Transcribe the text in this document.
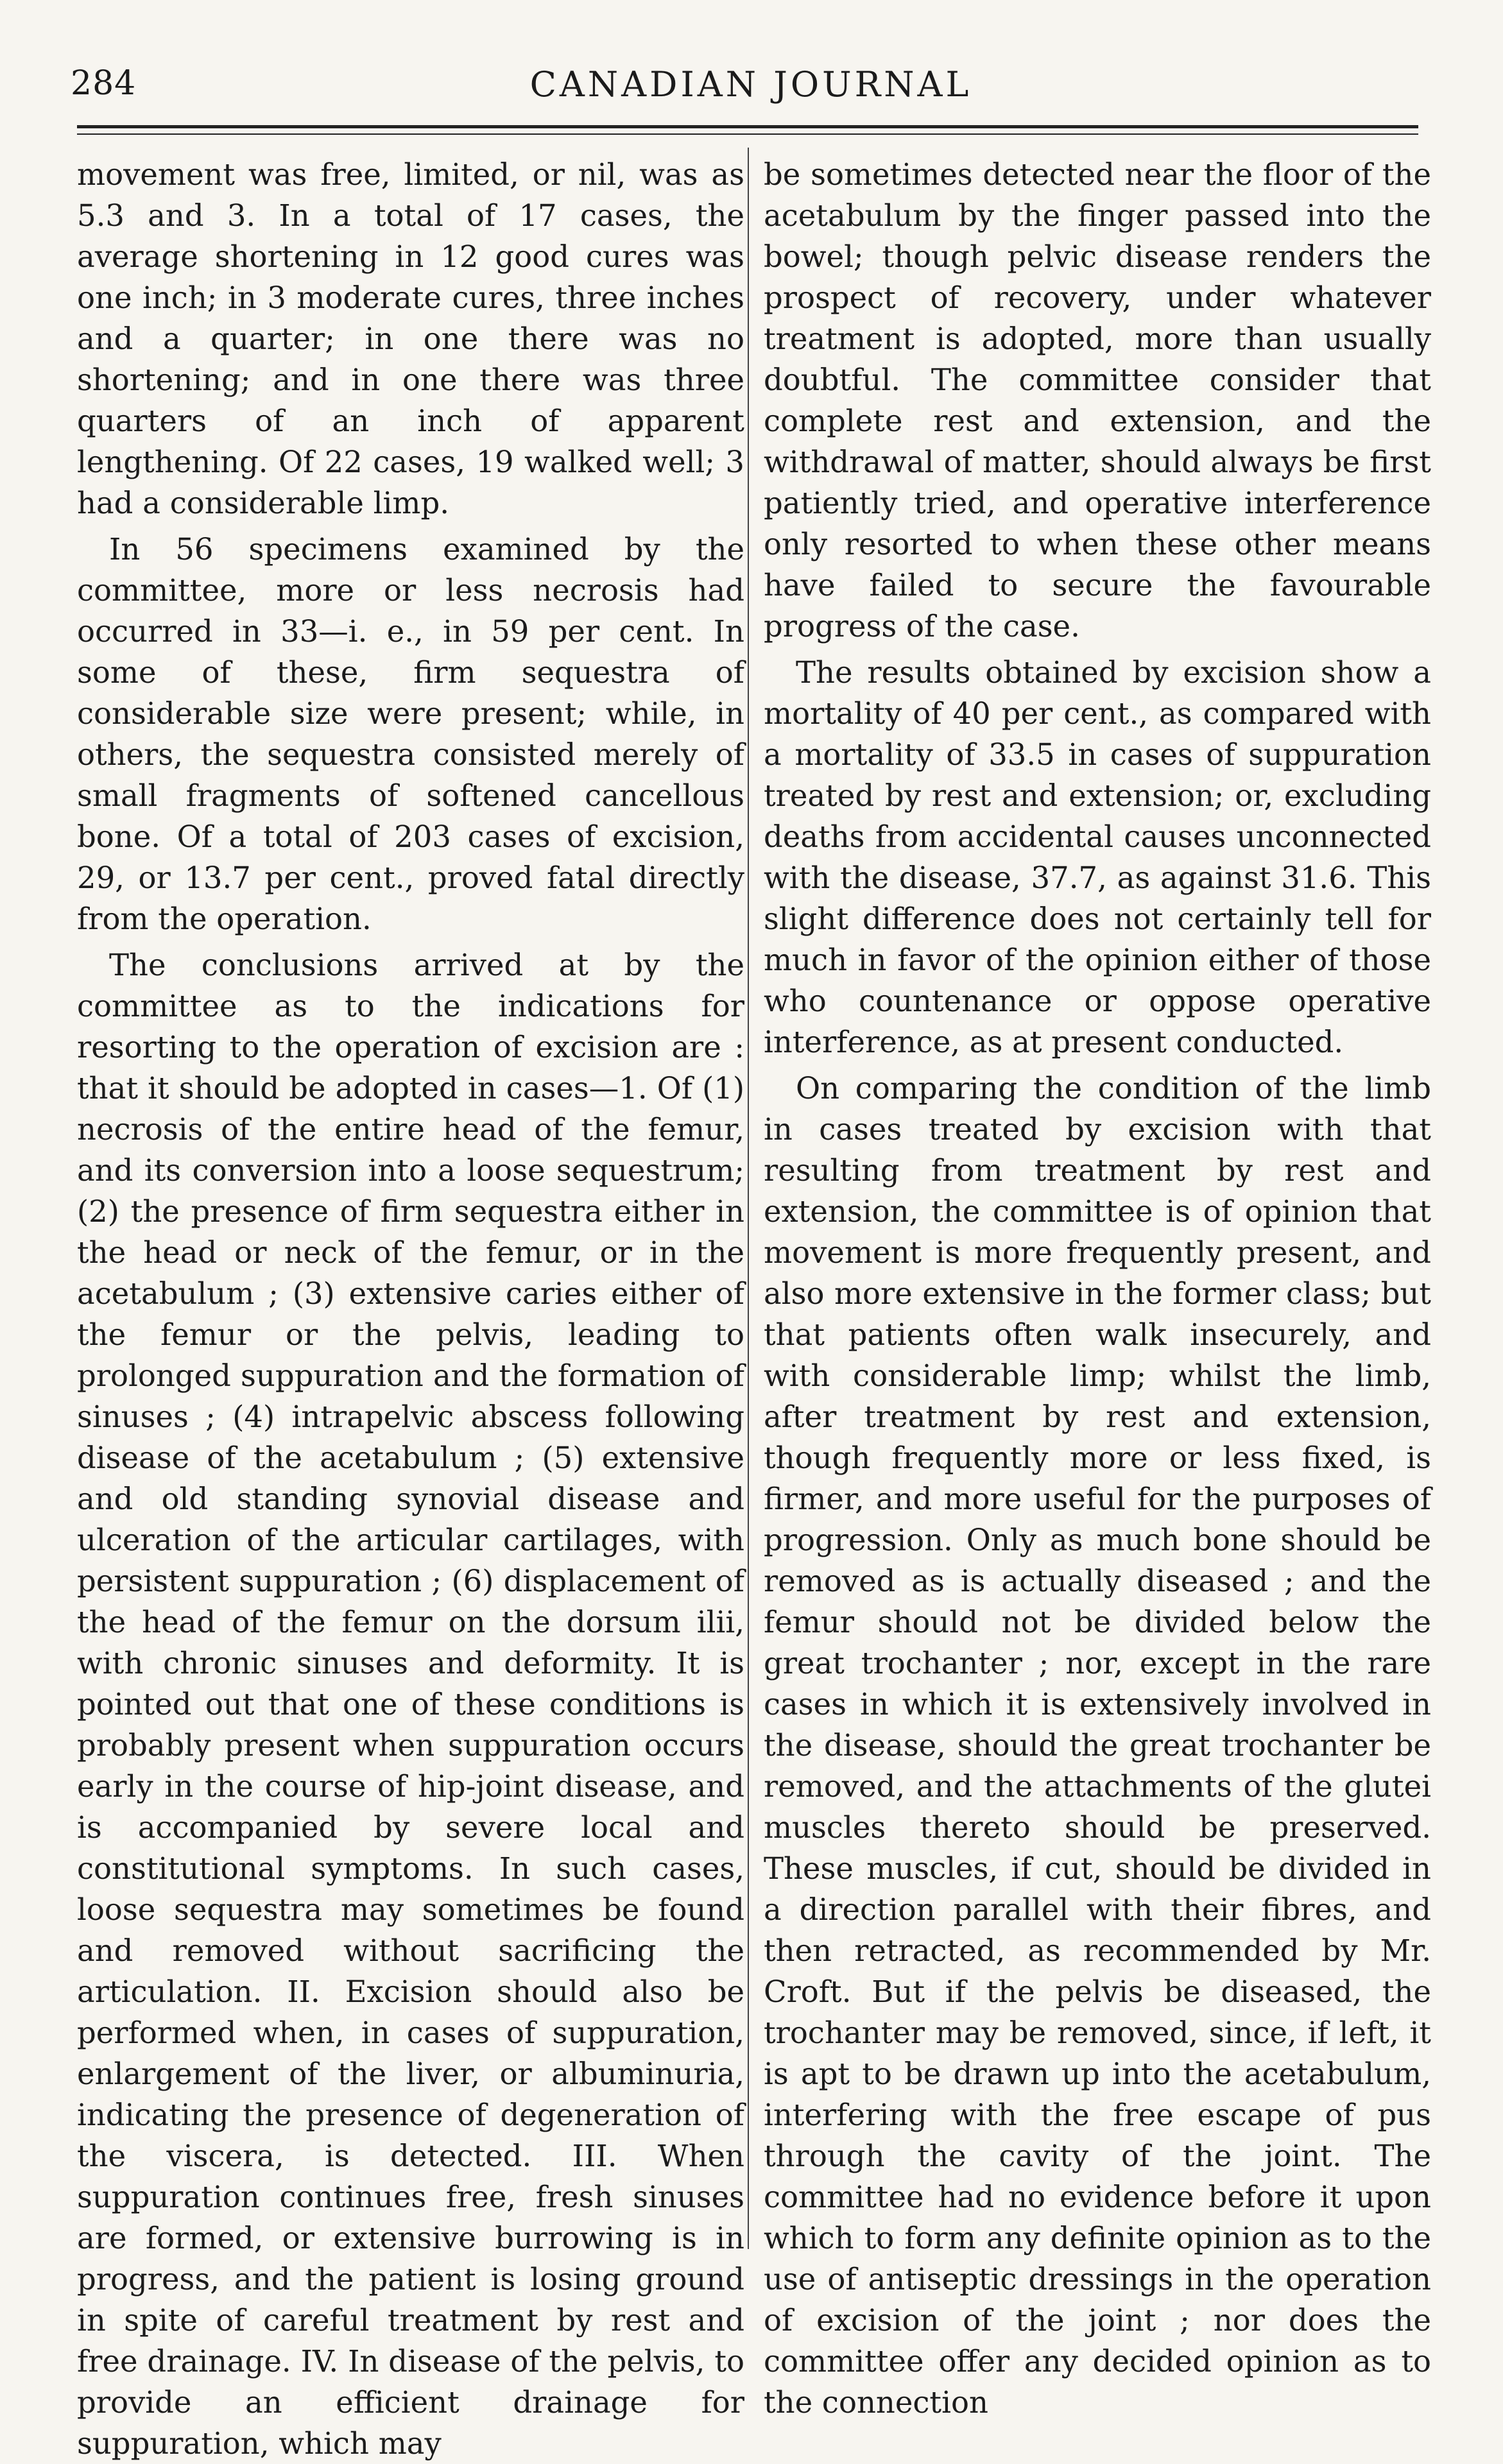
284	CANADIAN JOURNAL

movement was free, limited, or nil, was as 5.3 and 3. In a total of 17 cases, the average shortening in 12 good cures was one inch; in 3 moderate cures, three inches and a quarter; in one there was no shortening; and in one there was three quarters of an inch of apparent lengthening. Of 22 cases, 19 walked well; 3 had a considerable limp.

In 56 specimens examined by the committee, more or less necrosis had occurred in 33—i. e., in 59 per cent. In some of these, firm sequestra of considerable size were present; while, in others, the sequestra consisted merely of small fragments of softened cancellous bone. Of a total of 203 cases of excision, 29, or 13.7 per cent., proved fatal directly from the operation.

The conclusions arrived at by the committee as to the indications for resorting to the operation of excision are : that it should be adopted in cases—1. Of (1) necrosis of the entire head of the femur, and its conversion into a loose sequestrum; (2) the presence of firm sequestra either in the head or neck of the femur, or in the acetabulum ; (3) extensive caries either of the femur or the pelvis, leading to prolonged suppuration and the formation of sinuses ; (4) intrapelvic abscess following disease of the acetabulum ; (5) extensive and old standing synovial disease and ulceration of the articular cartilages, with persistent suppuration ; (6) displacement of the head of the femur on the dorsum ilii, with chronic sinuses and deformity. It is pointed out that one of these conditions is probably present when suppuration occurs early in the course of hip-joint disease, and is accompanied by severe local and constitutional symptoms. In such cases, loose sequestra may sometimes be found and removed without sacrificing the articulation. II. Excision should also be performed when, in cases of suppuration, enlargement of the liver, or albuminuria, indicating the presence of degeneration of the viscera, is detected. III. When suppuration continues free, fresh sinuses are formed, or extensive burrowing is in progress, and the patient is losing ground in spite of careful treatment by rest and free drainage. IV. In disease of the pelvis, to provide an efficient drainage for suppuration, which may

be sometimes detected near the floor of the acetabulum by the finger passed into the bowel; though pelvic disease renders the prospect of recovery, under whatever treatment is adopted, more than usually doubtful. The committee consider that complete rest and extension, and the withdrawal of matter, should always be first patiently tried, and operative interference only resorted to when these other means have failed to secure the favourable progress of the case.

The results obtained by excision show a mortality of 40 per cent., as compared with a mortality of 33.5 in cases of suppuration treated by rest and extension; or, excluding deaths from accidental causes unconnected with the disease, 37.7, as against 31.6. This slight difference does not certainly tell for much in favor of the opinion either of those who countenance or oppose operative interference, as at present conducted.

On comparing the condition of the limb in cases treated by excision with that resulting from treatment by rest and extension, the committee is of opinion that movement is more frequently present, and also more extensive in the former class; but that patients often walk insecurely, and with considerable limp; whilst the limb, after treatment by rest and extension, though frequently more or less fixed, is firmer, and more useful for the purposes of progression. Only as much bone should be removed as is actually diseased ; and the femur should not be divided below the great trochanter ; nor, except in the rare cases in which it is extensively involved in the disease, should the great trochanter be removed, and the attachments of the glutei muscles thereto should be preserved. These muscles, if cut, should be divided in a direction parallel with their fibres, and then retracted, as recommended by Mr. Croft. But if the pelvis be diseased, the trochanter may be removed, since, if left, it is apt to be drawn up into the acetabulum, interfering with the free escape of pus through the cavity of the joint. The committee had no evidence before it upon which to form any definite opinion as to the use of antiseptic dressings in the operation of excision of the joint ; nor does the committee offer any decided opinion as to the connection
